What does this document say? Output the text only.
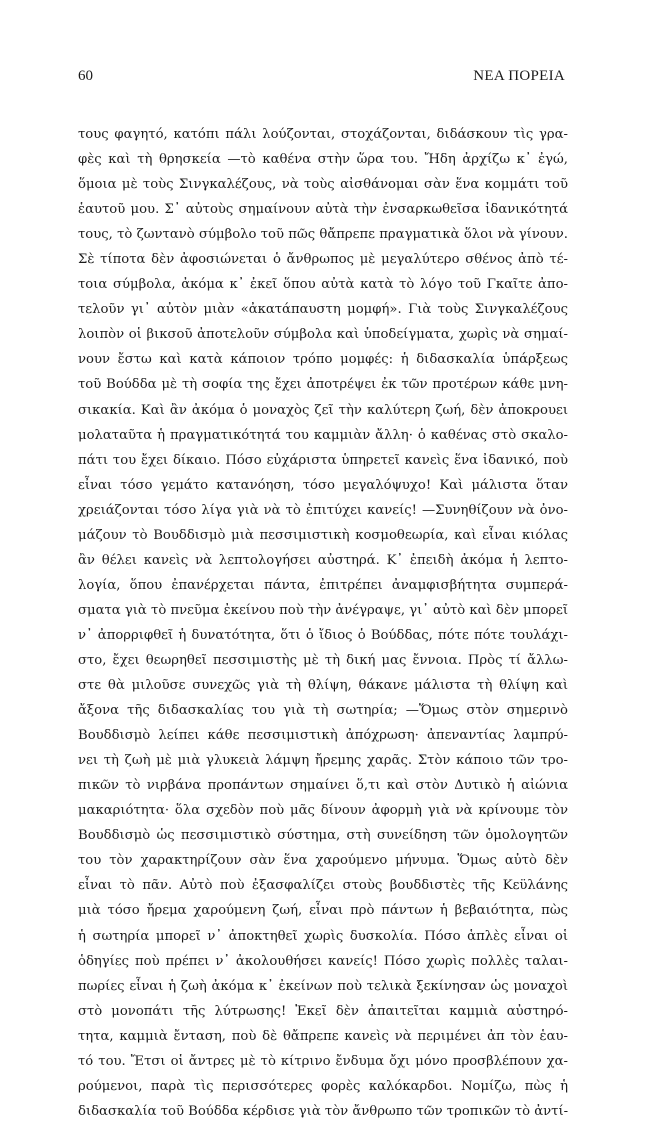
60	ΝΕΑ ΠΟΡΕΙΑ
τους φαγητό, κατόπι πάλι λούζονται, στοχάζονται, διδάσκουν τὶς γρα-
φὲς καὶ τὴ θρησκεία —τὸ καθένα στὴν ὥρα του. Ἤδη ἀρχίζω κ᾽ ἐγώ,
ὅμοια μὲ τοὺς Σινγκαλέζους, νὰ τοὺς αἰσθάνομαι σὰν ἕνα κομμάτι τοῦ
ἑαυτοῦ μου. Σ᾽ αὐτοὺς σημαίνουν αὐτὰ τὴν ἐνσαρκωθεῖσα ἰδανικότητά
τους, τὸ ζωντανὸ σύμβολο τοῦ πῶς θἄπρεπε πραγματικὰ ὅλοι νὰ γίνουν.
Σὲ τίποτα δὲν ἀφοσιώνεται ὁ ἄνθρωπος μὲ μεγαλύτερο σθένος ἀπὸ τέ-
τοια σύμβολα, ἀκόμα κ᾽ ἐκεῖ ὅπου αὐτὰ κατὰ τὸ λόγο τοῦ Γκαῖτε ἀπο-
τελοῦν γι᾽ αὐτὸν μιὰν «ἀκατάπαυστη μομφή». Γιὰ τοὺς Σινγκαλέζους
λοιπὸν οἱ βικσοῦ ἀποτελοῦν σύμβολα καὶ ὑποδείγματα, χωρὶς νὰ σημαί-
νουν ἔστω καὶ κατὰ κάποιον τρόπο μομφές: ἡ διδασκαλία ὑπάρξεως
τοῦ Βούδδα μὲ τὴ σοφία της ἔχει ἀποτρέψει ἐκ τῶν προτέρων κάθε μνη-
σικακία. Καὶ ἂν ἀκόμα ὁ μοναχὸς ζεῖ τὴν καλύτερη ζωή, δὲν ἀποκρουει
μολαταῦτα ἡ πραγματικότητά του καμμιὰν ἄλλη· ὁ καθένας στὸ σκαλο-
πάτι του ἔχει δίκαιο. Πόσο εὐχάριστα ὑπηρετεῖ κανεὶς ἕνα ἰδανικό, ποὺ
εἶναι τόσο γεμάτο κατανόηση, τόσο μεγαλόψυχο! Καὶ μάλιστα ὅταν
χρειάζονται τόσο λίγα γιὰ νὰ τὸ ἐπιτύχει κανείς! —Συνηθίζουν νὰ ὀνο-
μάζουν τὸ Βουδδισμὸ μιὰ πεσσιμιστικὴ κοσμοθεωρία, καὶ εἶναι κιόλας
ἂν θέλει κανεὶς νὰ λεπτολογήσει αὐστηρά. Κ᾽ ἐπειδὴ ἀκόμα ἡ λεπτο-
λογία, ὅπου ἐπανέρχεται πάντα, ἐπιτρέπει ἀναμφισβήτητα συμπερά-
σματα γιὰ τὸ πνεῦμα ἐκείνου ποὺ τὴν ἀνέγραψε, γι᾽ αὐτὸ καὶ δὲν μπορεῖ
ν᾽ ἀπορριφθεῖ ἡ δυνατότητα, ὅτι ὁ ἴδιος ὁ Βούδδας, πότε πότε τουλάχι-
στο, ἔχει θεωρηθεῖ πεσσιμιστὴς μὲ τὴ δική μας ἔννοια. Πρὸς τί ἄλλω-
στε θὰ μιλοῦσε συνεχῶς γιὰ τὴ θλίψη, θάκανε μάλιστα τὴ θλίψη καὶ
ἄξονα τῆς διδασκαλίας του γιὰ τὴ σωτηρία; —Ὅμως στὸν σημερινὸ
Βουδδισμὸ λείπει κάθε πεσσιμιστικὴ ἀπόχρωση· ἀπεναντίας λαμπρύ-
νει τὴ ζωὴ μὲ μιὰ γλυκειὰ λάμψη ἤρεμης χαρᾶς. Στὸν κάποιο τῶν τρο-
πικῶν τὸ νιρβάνα προπάντων σημαίνει ὅ,τι καὶ στὸν Δυτικὸ ἡ αἰώνια
μακαριότητα· ὅλα σχεδὸν ποὺ μᾶς δίνουν ἀφορμὴ γιὰ νὰ κρίνουμε τὸν
Βουδδισμὸ ὡς πεσσιμιστικὸ σύστημα, στὴ συνείδηση τῶν ὁμολογητῶν
του τὸν χαρακτηρίζουν σὰν ἕνα χαρούμενο μήνυμα. Ὅμως αὐτὸ δὲν
εἶναι τὸ πᾶν. Αὐτὸ ποὺ ἐξασφαλίζει στοὺς βουδδιστὲς τῆς Κεϋλάνης
μιὰ τόσο ἤρεμα χαρούμενη ζωή, εἶναι πρὸ πάντων ἡ βεβαιότητα, πὼς
ἡ σωτηρία μπορεῖ ν᾽ ἀποκτηθεῖ χωρὶς δυσκολία. Πόσο ἁπλὲς εἶναι οἱ
ὁδηγίες ποὺ πρέπει ν᾽ ἀκολουθήσει κανείς! Πόσο χωρὶς πολλὲς ταλαι-
πωρίες εἶναι ἡ ζωὴ ἀκόμα κ᾽ ἐκείνων ποὺ τελικὰ ξεκίνησαν ὡς μοναχοὶ
στὸ μονοπάτι τῆς λύτρωσης! Ἐκεῖ δὲν ἀπαιτεῖται καμμιὰ αὐστηρό-
τητα, καμμιὰ ἔνταση, ποὺ δὲ θἄπρεπε κανεὶς νὰ περιμένει ἀπ τὸν ἑαυ-
τό του. Ἔτσι οἱ ἄντρες μὲ τὸ κίτρινο ἔνδυμα ὄχι μόνο προσβλέπουν χα-
ρούμενοι, παρὰ τὶς περισσότερες φορὲς καλόκαρδοι. Νομίζω, πὼς ἡ
διδασκαλία τοῦ Βούδδα κέρδισε γιὰ τὸν ἄνθρωπο τῶν τροπικῶν τὸ ἀντί-
